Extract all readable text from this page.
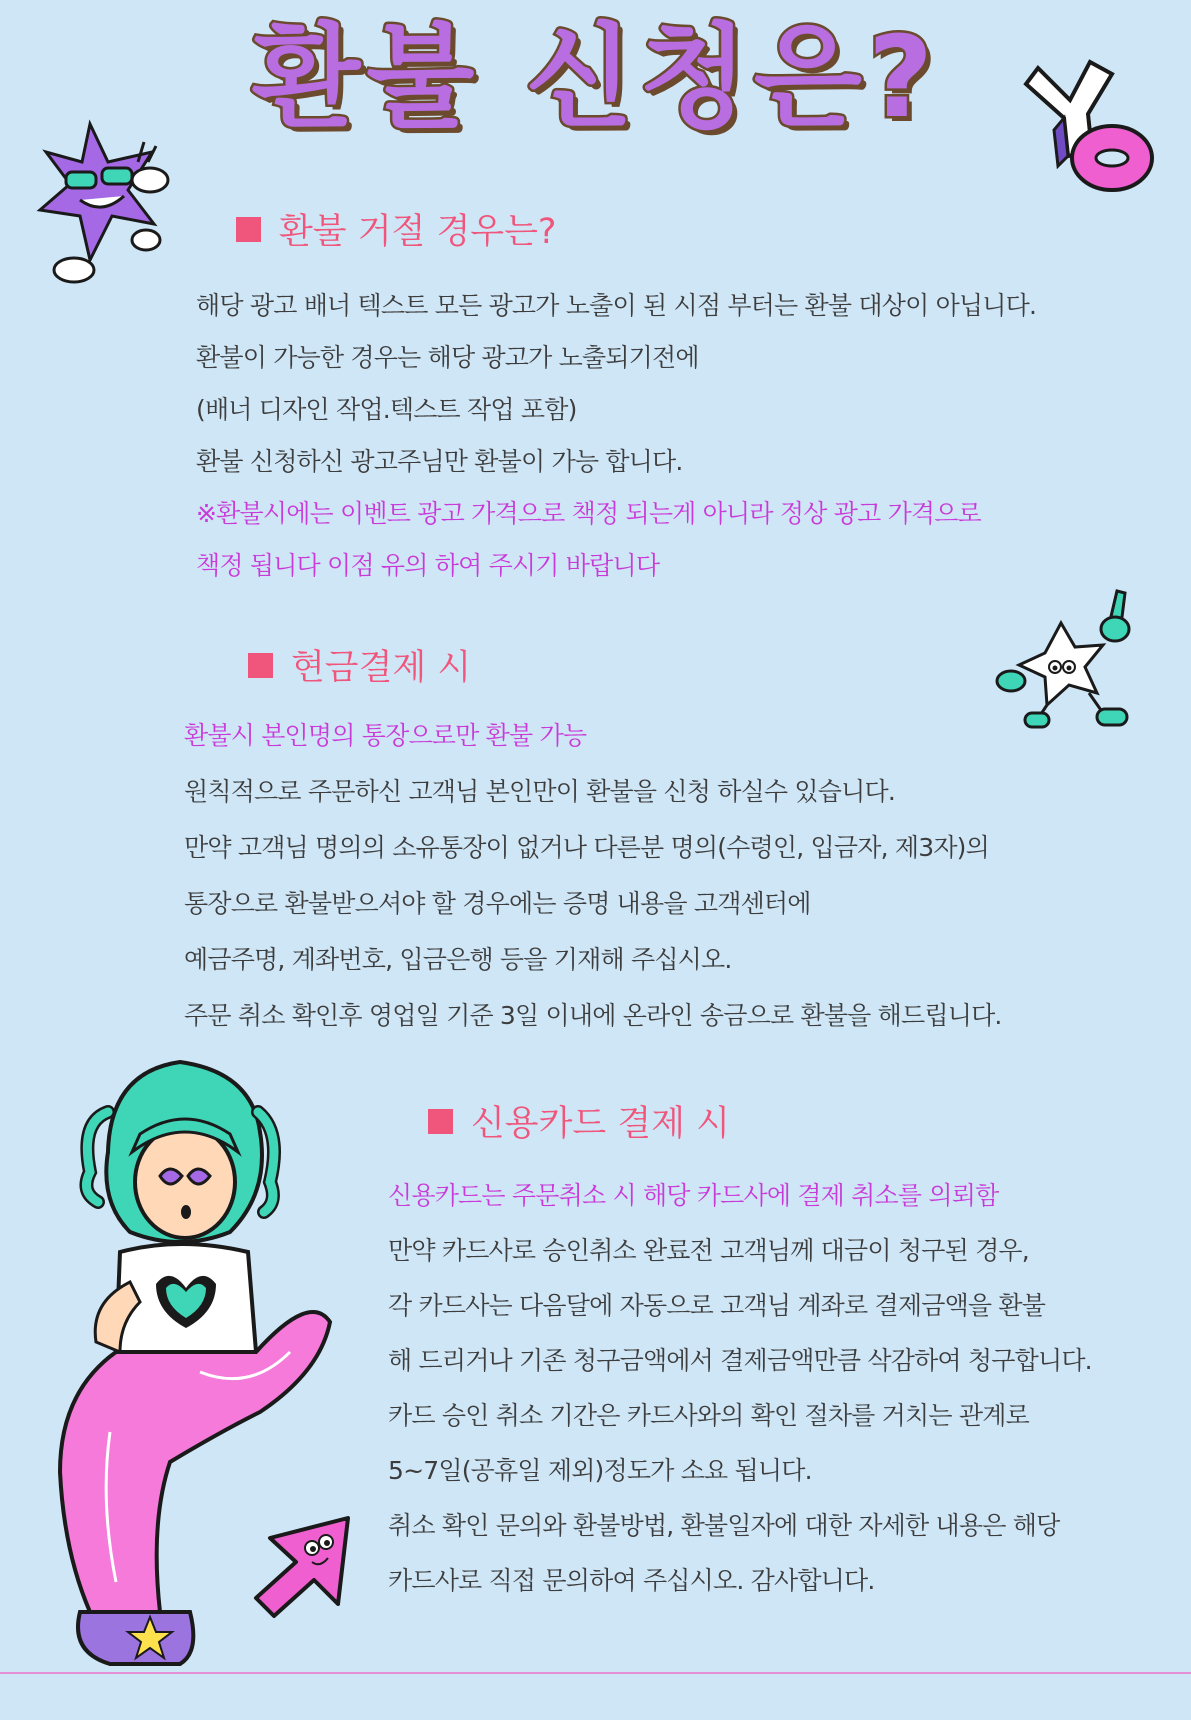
환불 신청은?	YO
환불 거절 경우는?
해당 광고 배너 텍스트 모든 광고가 노출이 된 시점 부터는 환불 대상이 아닙니다.
환불이 가능한 경우는 해당 광고가 노출되기전에
(배너 디자인 작업.텍스트 작업 포함)
환불 신청하신 광고주님만 환불이 가능 합니다.
※환불시에는 이벤트 광고 가격으로 책정 되는게 아니라 정상 광고 가격으로
책정 됩니다 이점 유의 하여 주시기 바랍니다
현금결제 시
환불시 본인명의 통장으로만 환불 가능
원칙적으로 주문하신 고객님 본인만이 환불을 신청 하실수 있습니다.
만약 고객님 명의의 소유통장이 없거나 다른분 명의(수령인, 입금자, 제3자)의
통장으로 환불받으셔야 할 경우에는 증명 내용을 고객센터에
예금주명, 계좌번호, 입금은행 등을 기재해 주십시오.
주문 취소 확인후 영업일 기준 3일 이내에 온라인 송금으로 환불을 해드립니다.
신용카드 결제 시
신용카드는 주문취소 시 해당 카드사에 결제 취소를 의뢰함
만약 카드사로 승인취소 완료전 고객님께 대금이 청구된 경우,
각 카드사는 다음달에 자동으로 고객님 계좌로 결제금액을 환불
해 드리거나 기존 청구금액에서 결제금액만큼 삭감하여 청구합니다.
카드 승인 취소 기간은 카드사와의 확인 절차를 거치는 관계로
5~7일(공휴일 제외)정도가 소요 됩니다.
취소 확인 문의와 환불방법, 환불일자에 대한 자세한 내용은 해당
카드사로 직접 문의하여 주십시오. 감사합니다.
